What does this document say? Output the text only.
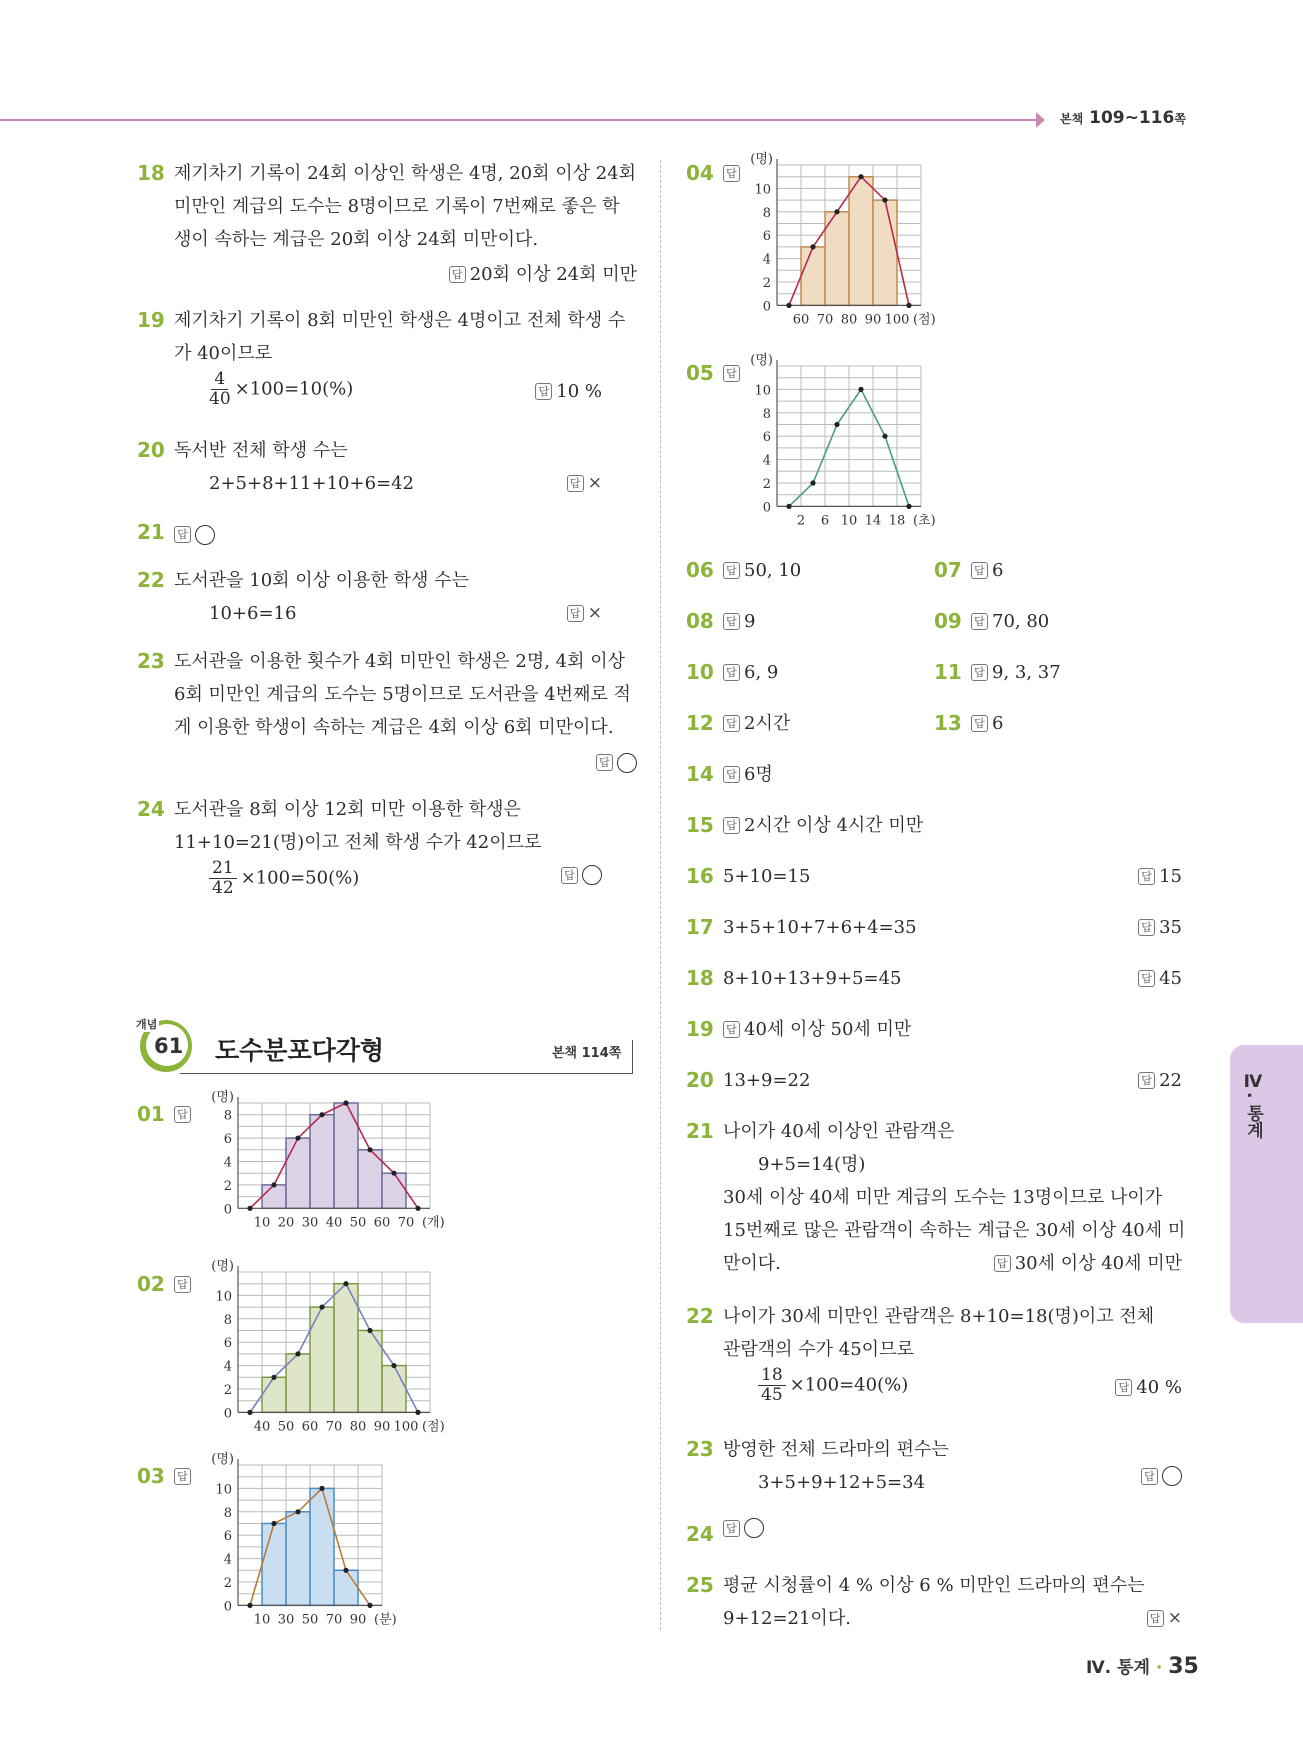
본책 109~116쪽
18 제기차기 기록이 24회 이상인 학생은 4명, 20회 이상 24회
미만인 계급의 도수는 8명이므로 기록이 7번째로 좋은 학
생이 속하는 계급은 20회 이상 24회 미만이다.
답 20회 이상 24회 미만
19 제기차기 기록이 8회 미만인 학생은 4명이고 전체 학생 수
가 40이므로
$\frac{4}{40} \times 100=10(\%)$	답 10 %
20 독서반 전체 학생 수는
2+5+8+11+10+6=42	답 ×
21 답
22 도서관을 10회 이상 이용한 학생 수는
10+6=16	답 ×
23 도서관을 이용한 횟수가 4회 미만인 학생은 2명, 4회 이상
6회 미만인 계급의 도수는 5명이므로 도서관을 4번째로 적
게 이용한 학생이 속하는 계급은 4회 이상 6회 미만이다.
답
24 도서관을 8회 이상 12회 미만 이용한 학생은
11+10=21(명)이고 전체 학생 수가 42이므로
$\frac{21}{42} \times 100=50(\%)$	답
개념
61 도수분포다각형	본책 114쪽
01 답
0
2
4
6
8
(명)
10 20 30 40 50 60 70 (개)
02 답
0
2
4
6
8
10
(명)
40 50 60 70 80 90 100 (점)
03 답
0
2
4
6
8
10
(명)
10 30 50 70 90 (분)
04 답
0
2
4
6
8
10
(명)
60 70 80 90 100 (점)
05 답
0
2
4
6
8
10
(명)
2 6 10 14 18 (초)
06 답 50, 10	07 답 6
08 답 9	09 답 70, 80
10 답 6, 9	11 답 9, 3, 37
12 답 2시간	13 답 6
14 답 6명
15 답 2시간 이상 4시간 미만
16 5+10=15	답 15
17 3+5+10+7+6+4=35	답 35
18 8+10+13+9+5=45	답 45
19 답 40세 이상 50세 미만
20 13+9=22	답 22
21 나이가 40세 이상인 관람객은
9+5=14(명)
30세 이상 40세 미만 계급의 도수는 13명이므로 나이가
15번째로 많은 관람객이 속하는 계급은 30세 이상 40세 미
만이다.	답 30세 이상 40세 미만
22 나이가 30세 미만인 관람객은 8+10=18(명)이고 전체
관람객의 수가 45이므로
$\frac{18}{45} \times 100=40(\%)$	답 40 %
23 방영한 전체 드라마의 편수는
3+5+9+12+5=34	답
24 답
25 평균 시청률이 4 % 이상 6 % 미만인 드라마의 편수는
9+12=21이다.	답 ×
Ⅳ. 통계
Ⅳ. 통계 · 35
